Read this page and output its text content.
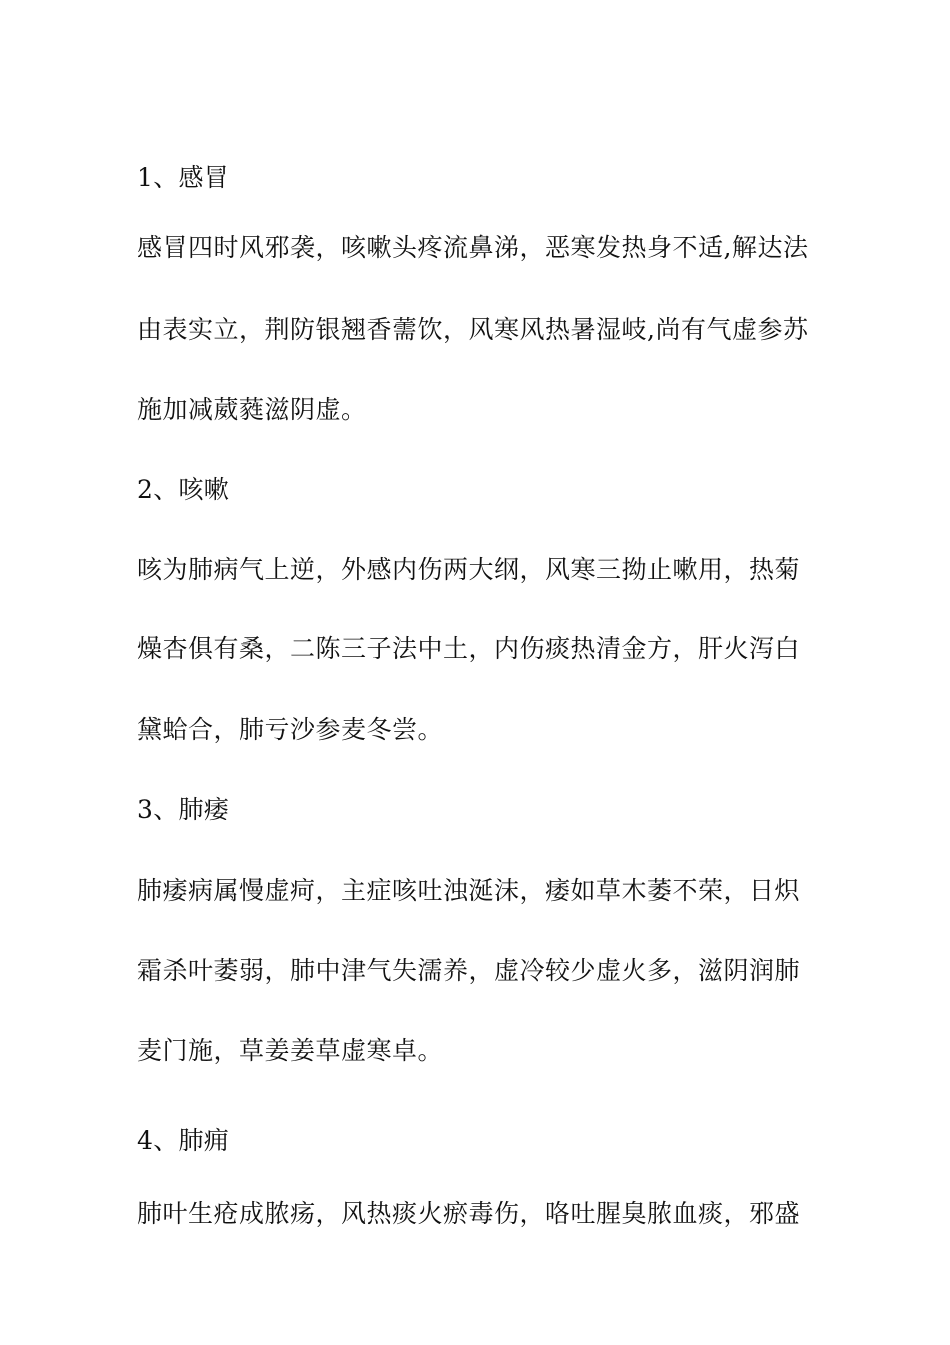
1、感冒
感冒四时风邪袭，咳嗽头疼流鼻涕，恶寒发热身不适,解达法
由表实立，荆防银翘香薷饮，风寒风热暑湿岐,尚有气虚参苏
施加减葳蕤滋阴虚。
2、咳嗽
咳为肺病气上逆，外感内伤两大纲，风寒三拗止嗽用，热菊
燥杏俱有桑，二陈三子法中土，内伤痰热清金方，肝火泻白
黛蛤合，肺亏沙参麦冬尝。
3、肺痿
肺痿病属慢虚疴，主症咳吐浊涎沫，痿如草木萎不荣，日炽
霜杀叶萎弱，肺中津气失濡养，虚冷较少虚火多，滋阴润肺
麦门施，草姜姜草虚寒卓。
4、肺痈
肺叶生疮成脓疡，风热痰火瘀毒伤，咯吐腥臭脓血痰，邪盛
